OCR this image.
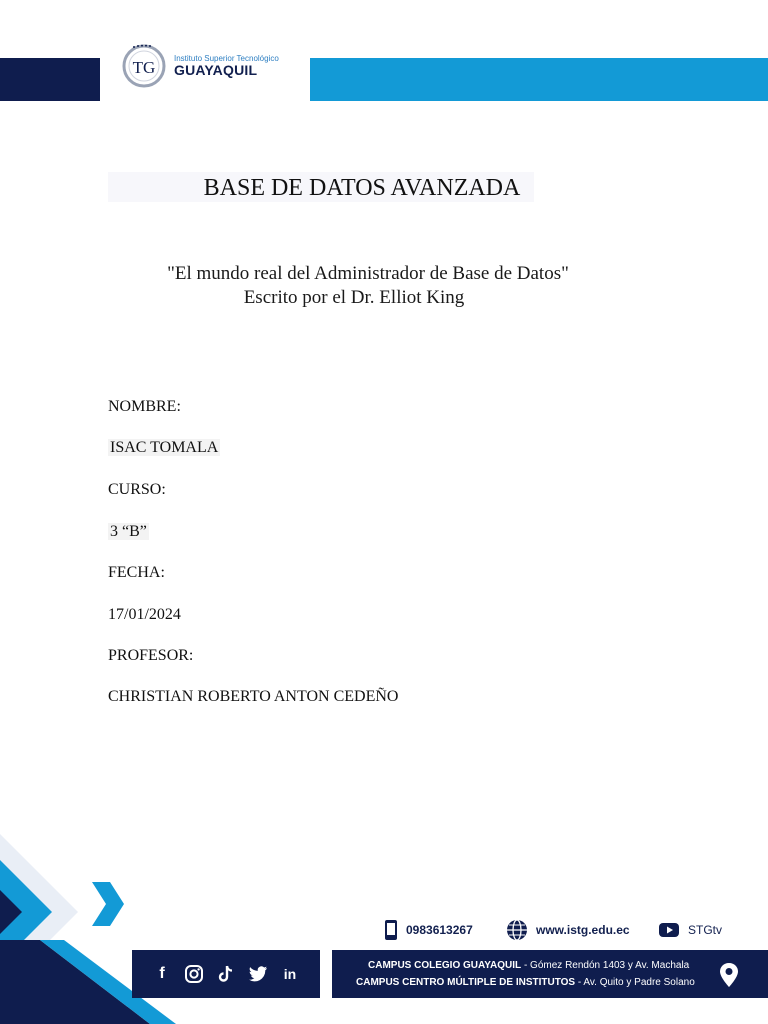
TG Instituto Superior Tecnológico
GUAYAQUIL
BASE DE DATOS AVANZADA
"El mundo real del Administrador de Base de Datos"
Escrito por el Dr. Elliot King
NOMBRE:
ISAC TOMALA
CURSO:
3 “B”
FECHA:
17/01/2024
PROFESOR:
CHRISTIAN ROBERTO ANTON CEDEÑO
0983613267	www.istg.edu.ec	STGtv
f	in
CAMPUS COLEGIO GUAYAQUIL - Gómez Rendón 1403 y Av. Machala
CAMPUS CENTRO MÚLTIPLE DE INSTITUTOS - Av. Quito y Padre Solano
